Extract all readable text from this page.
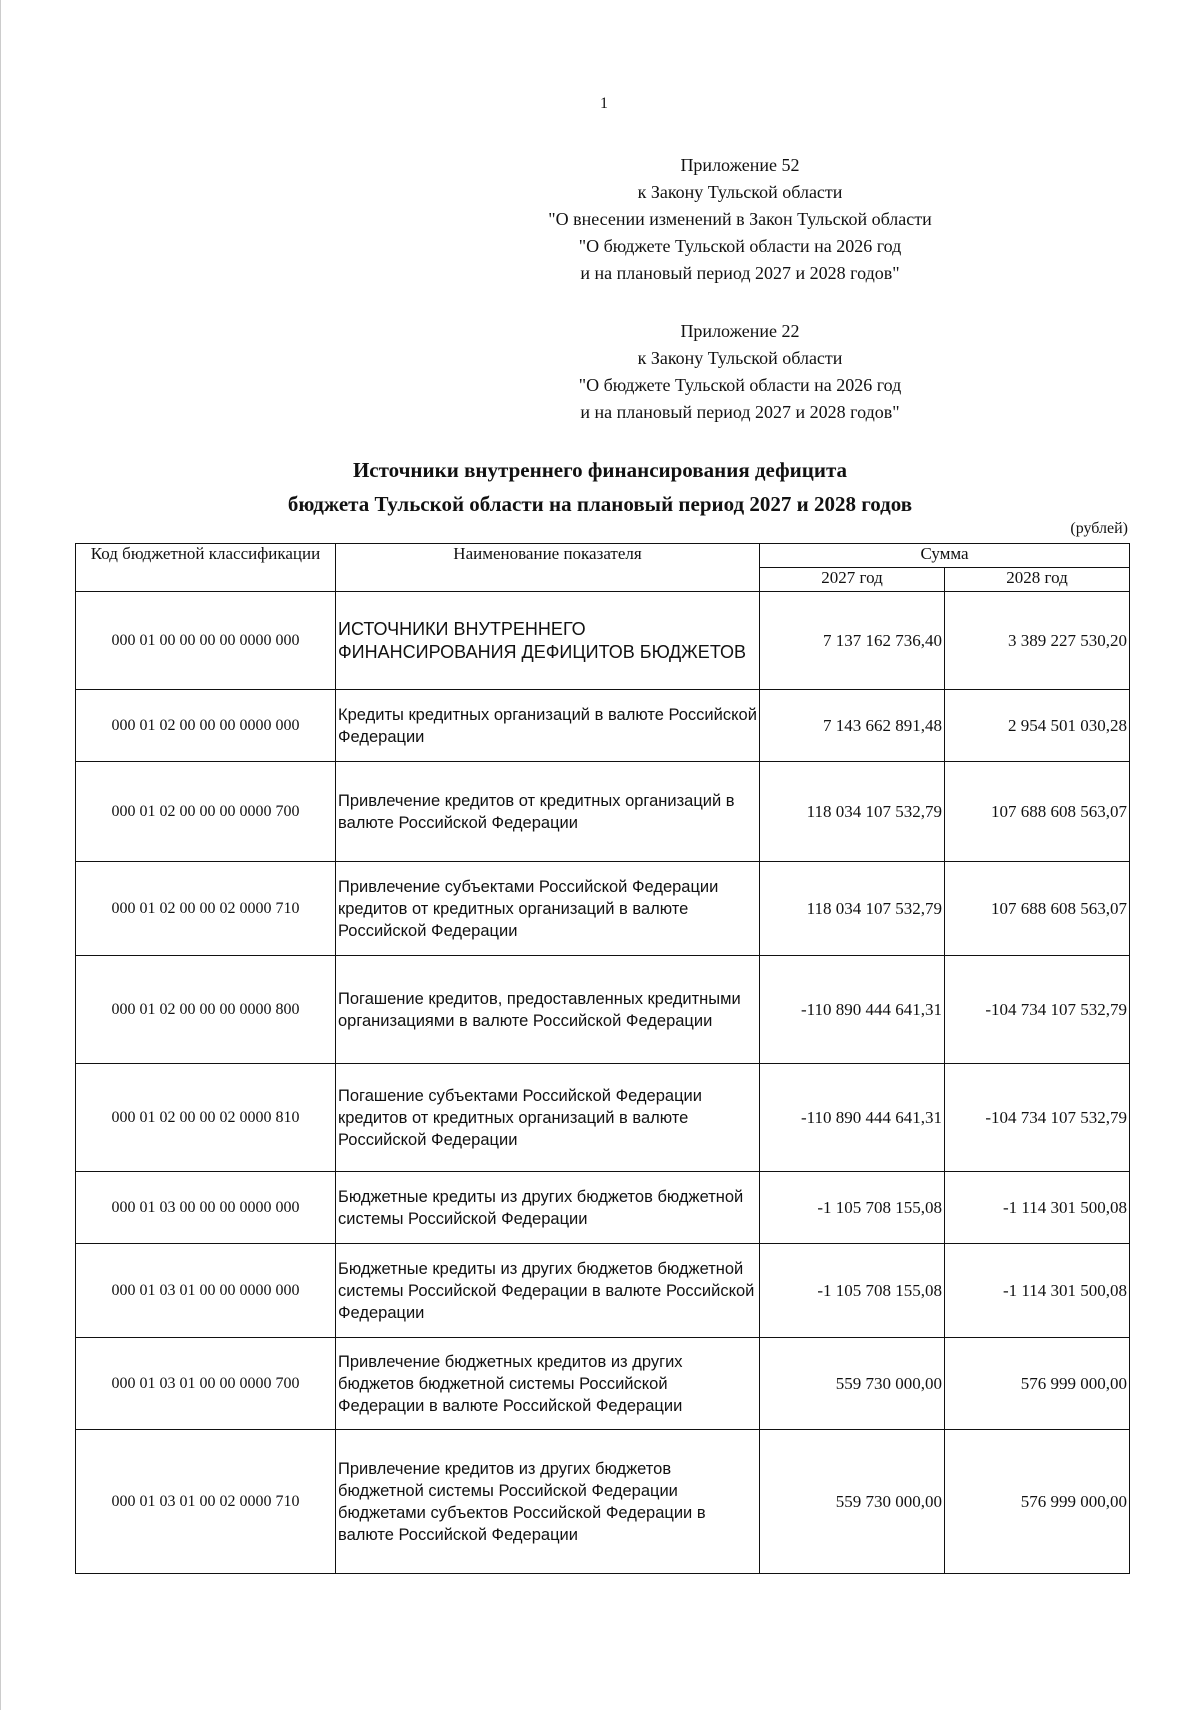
1
Приложение 52
к Закону Тульской области
"О внесении изменений в Закон Тульской области
"О бюджете Тульской области на 2026 год
и на плановый период 2027 и 2028 годов"
Приложение 22
к Закону Тульской области
"О бюджете Тульской области на 2026 год
и на плановый период 2027 и 2028 годов"
Источники внутреннего финансирования дефицита
бюджета Тульской области на плановый период 2027 и 2028 годов
(рублей)
Код бюджетной классификации	Наименование показателя	Сумма	
		2027 год	2028 год
000 01 00 00 00 00 0000 000	ИСТОЧНИКИ ВНУТРЕННЕГО ФИНАНСИРОВАНИЯ ДЕФИЦИТОВ БЮДЖЕТОВ	7 137 162 736,40	3 389 227 530,20
000 01 02 00 00 00 0000 000	Кредиты кредитных организаций в валюте Российской Федерации	7 143 662 891,48	2 954 501 030,28
000 01 02 00 00 00 0000 700	Привлечение кредитов от кредитных организаций в валюте Российской Федерации	118 034 107 532,79	107 688 608 563,07
000 01 02 00 00 02 0000 710	Привлечение субъектами Российской Федерации кредитов от кредитных организаций в валюте Российской Федерации	118 034 107 532,79	107 688 608 563,07
000 01 02 00 00 00 0000 800	Погашение кредитов, предоставленных кредитными организациями в валюте Российской Федерации	-110 890 444 641,31	-104 734 107 532,79
000 01 02 00 00 02 0000 810	Погашение субъектами Российской Федерации кредитов от кредитных организаций в валюте Российской Федерации	-110 890 444 641,31	-104 734 107 532,79
000 01 03 00 00 00 0000 000	Бюджетные кредиты из других бюджетов бюджетной системы Российской Федерации	-1 105 708 155,08	-1 114 301 500,08
000 01 03 01 00 00 0000 000	Бюджетные кредиты из других бюджетов бюджетной системы Российской Федерации в валюте Российской Федерации	-1 105 708 155,08	-1 114 301 500,08
000 01 03 01 00 00 0000 700	Привлечение бюджетных кредитов из других бюджетов бюджетной системы Российской Федерации в валюте Российской Федерации	559 730 000,00	576 999 000,00
000 01 03 01 00 02 0000 710	Привлечение кредитов из других бюджетов бюджетной системы Российской Федерации бюджетами субъектов Российской Федерации в валюте Российской Федерации	559 730 000,00	576 999 000,00
